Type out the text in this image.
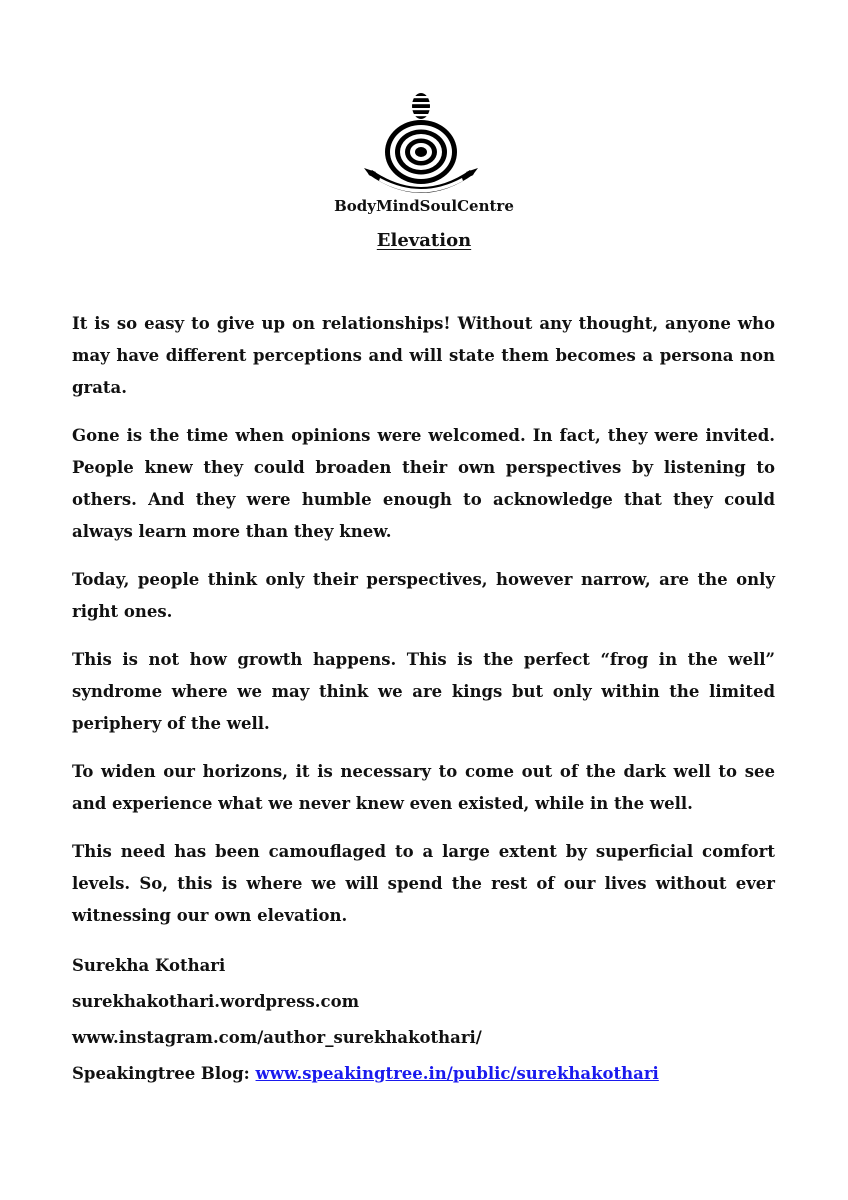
BodyMindSoulCentre
Elevation

It is so easy to give up on relationships! Without any thought, anyone who may have different perceptions and will state them becomes a persona non grata.

Gone is the time when opinions were welcomed. In fact, they were invited. People knew they could broaden their own perspectives by listening to others. And they were humble enough to acknowledge that they could always learn more than they knew.

Today, people think only their perspectives, however narrow, are the only right ones.

This is not how growth happens. This is the perfect “frog in the well” syndrome where we may think we are kings but only within the limited periphery of the well.

To widen our horizons, it is necessary to come out of the dark well to see and experience what we never knew even existed, while in the well.

This need has been camouflaged to a large extent by superficial comfort levels. So, this is where we will spend the rest of our lives without ever witnessing our own elevation.

Surekha Kothari

surekhakothari.wordpress.com

www.instagram.com/author_surekhakothari/

Speakingtree Blog: www.speakingtree.in/public/surekhakothari
